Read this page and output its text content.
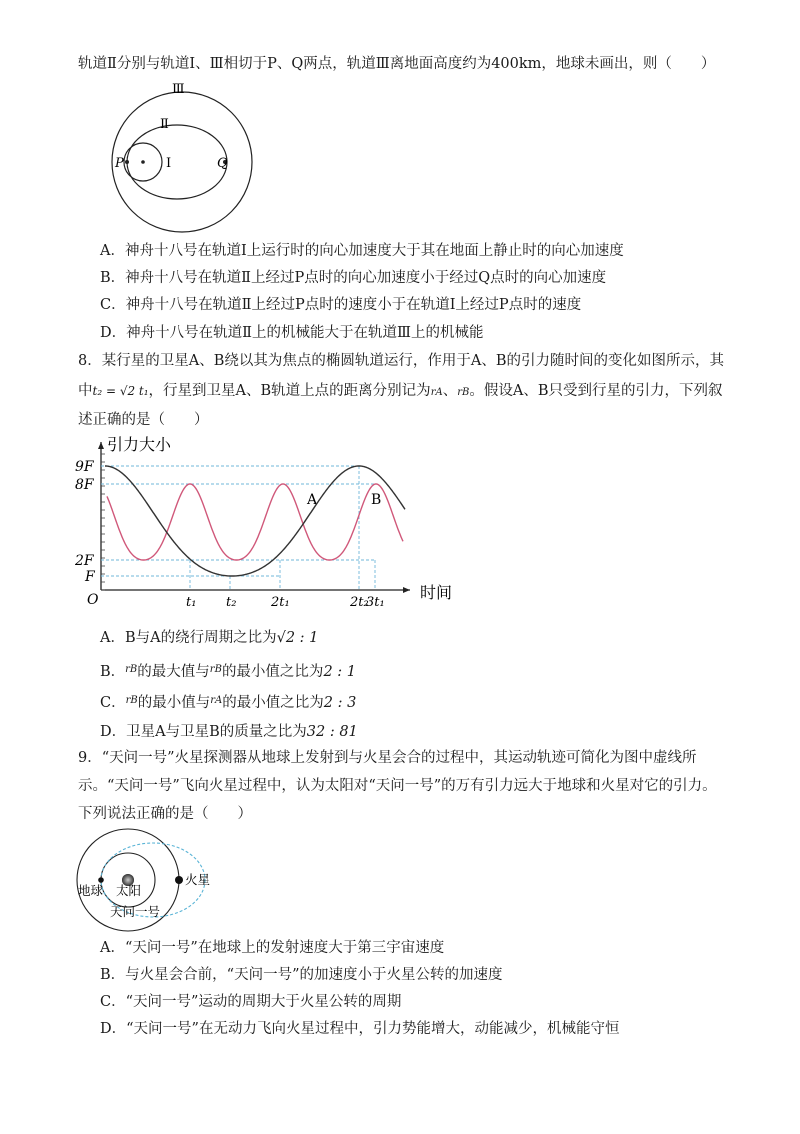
轨道Ⅱ分别与轨道Ⅰ、Ⅲ相切于P、Q两点，轨道Ⅲ离地面高度约为400km，地球未画出，则（　　）
Ⅲ
Ⅱ
Ⅰ
P	Q
A．神舟十八号在轨道Ⅰ上运行时的向心加速度大于其在地面上静止时的向心加速度
B．神舟十八号在轨道Ⅱ上经过P点时的向心加速度小于经过Q点时的向心加速度
C．神舟十八号在轨道Ⅱ上经过P点时的速度小于在轨道Ⅰ上经过P点时的速度
D．神舟十八号在轨道Ⅱ上的机械能大于在轨道Ⅲ上的机械能
8．某行星的卫星A、B绕以其为焦点的椭圆轨道运行，作用于A、B的引力随时间的变化如图所示，其
中t₂ = √2 t₁，行星到卫星A、B轨道上点的距离分别记为rA、rB。假设A、B只受到行星的引力，下列叙
述正确的是（　　）
引力大小
时间
O
9F
8F
2F
F
t₁ t₂	2t₁	2t₂
3t₁
A	B
A．B与A的绕行周期之比为√2 : 1
B．$^{rB}$的最大值与$^{rB}$的最小值之比为2 : 1
C．$^{rB}$的最小值与$^{rA}$的最小值之比为2 : 3
D．卫星A与卫星B的质量之比为32 : 81
9．“天问一号”火星探测器从地球上发射到与火星会合的过程中，其运动轨迹可简化为图中虚线所示。“天问一号”飞向火星过程中，认为太阳对“天问一号”的万有引力远大于地球和火星对它的引力。下列说法正确的是（　　）
地球 太阳
火星
天问一号
A．“天问一号”在地球上的发射速度大于第三宇宙速度
B．与火星会合前，“天问一号”的加速度小于火星公转的加速度
C．“天问一号”运动的周期大于火星公转的周期
D．“天问一号”在无动力飞向火星过程中，引力势能增大，动能减少，机械能守恒
